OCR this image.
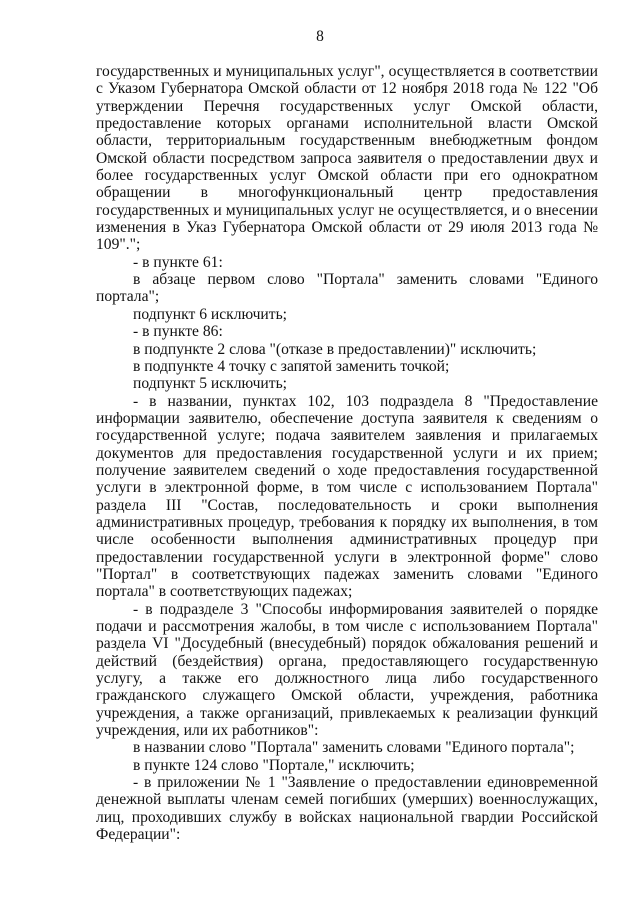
8

государственных и муниципальных услуг", осуществляется в соответствии с Указом Губернатора Омской области от 12 ноября 2018 года № 122 "Об утверждении Перечня государственных услуг Омской области, предоставление которых органами исполнительной власти Омской области, территориальным государственным внебюджетным фондом Омской области посредством запроса заявителя о предоставлении двух и более государственных услуг Омской области при его однократном обращении в многофункциональный центр предоставления государственных и муниципальных услуг не осуществляется, и о внесении изменения в Указ Губернатора Омской области от 29 июля 2013 года № 109".";

- в пункте 61:

в абзаце первом слово "Портала" заменить словами "Единого портала";

подпункт 6 исключить;

- в пункте 86:

в подпункте 2 слова "(отказе в предоставлении)" исключить;

в подпункте 4 точку с запятой заменить точкой;

подпункт 5 исключить;

- в названии, пунктах 102, 103 подраздела 8 "Предоставление информации заявителю, обеспечение доступа заявителя к сведениям о государственной услуге; подача заявителем заявления и прилагаемых документов для предоставления государственной услуги и их прием; получение заявителем сведений о ходе предоставления государственной услуги в электронной форме, в том числе с использованием Портала" раздела III "Состав, последовательность и сроки выполнения административных процедур, требования к порядку их выполнения, в том числе особенности выполнения административных процедур при предоставлении государственной услуги в электронной форме" слово "Портал" в соответствующих падежах заменить словами "Единого портала" в соответствующих падежах;

- в подразделе 3 "Способы информирования заявителей о порядке подачи и рассмотрения жалобы, в том числе с использованием Портала" раздела VI "Досудебный (внесудебный) порядок обжалования решений и действий (бездействия) органа, предоставляющего государственную услугу, а также его должностного лица либо государственного гражданского служащего Омской области, учреждения, работника учреждения, а также организаций, привлекаемых к реализации функций учреждения, или их работников":

в названии слово "Портала" заменить словами "Единого портала";

в пункте 124 слово "Портале," исключить;

- в приложении № 1 "Заявление о предоставлении единовременной денежной выплаты членам семей погибших (умерших) военнослужащих, лиц, проходивших службу в войсках национальной гвардии Российской Федерации":
